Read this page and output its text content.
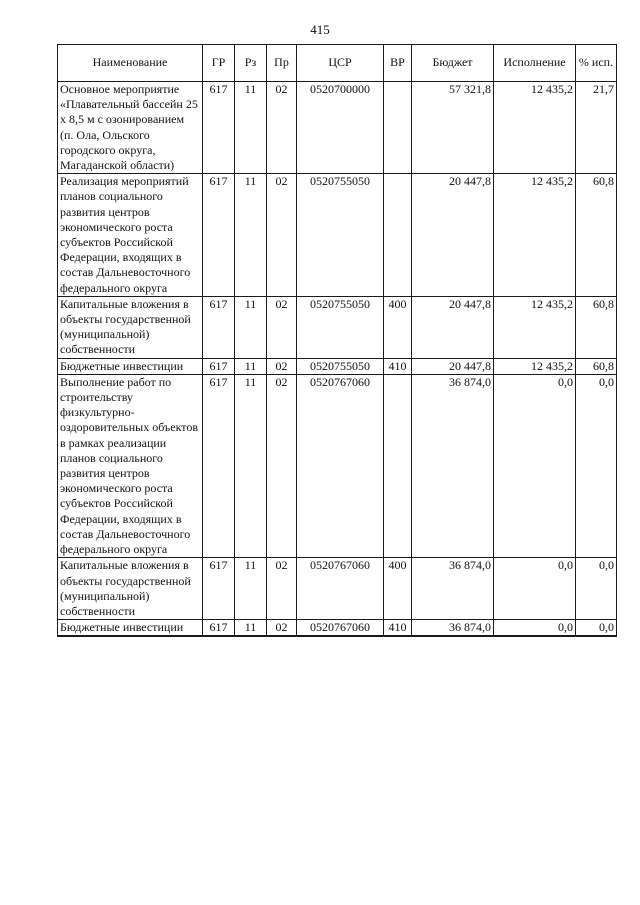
415
Наименование	ГР	Рз	Пр	ЦСР	ВР	Бюджет	Исполнение	% исп.
Основное мероприятие «Плавательный бассейн 25 х 8,5 м с озонированием (п. Ола, Ольского городского округа, Магаданской области)	617	11	02	0520700000		57 321,8	12 435,2	21,7
Реализация мероприятий планов социального развития центров экономического роста субъектов Российской Федерации, входящих в состав Дальневосточного федерального округа	617	11	02	0520755050		20 447,8	12 435,2	60,8
Капитальные вложения в объекты государственной (муниципальной) собственности	617	11	02	0520755050	400	20 447,8	12 435,2	60,8
Бюджетные инвестиции	617	11	02	0520755050	410	20 447,8	12 435,2	60,8
Выполнение работ по строительству физкультурно-оздоровительных объектов в рамках реализации планов социального развития центров экономического роста субъектов Российской Федерации, входящих в состав Дальневосточного федерального округа	617	11	02	0520767060		36 874,0	0,0	0,0
Капитальные вложения в объекты государственной (муниципальной) собственности	617	11	02	0520767060	400	36 874,0	0,0	0,0
Бюджетные инвестиции	617	11	02	0520767060	410	36 874,0	0,0	0,0
